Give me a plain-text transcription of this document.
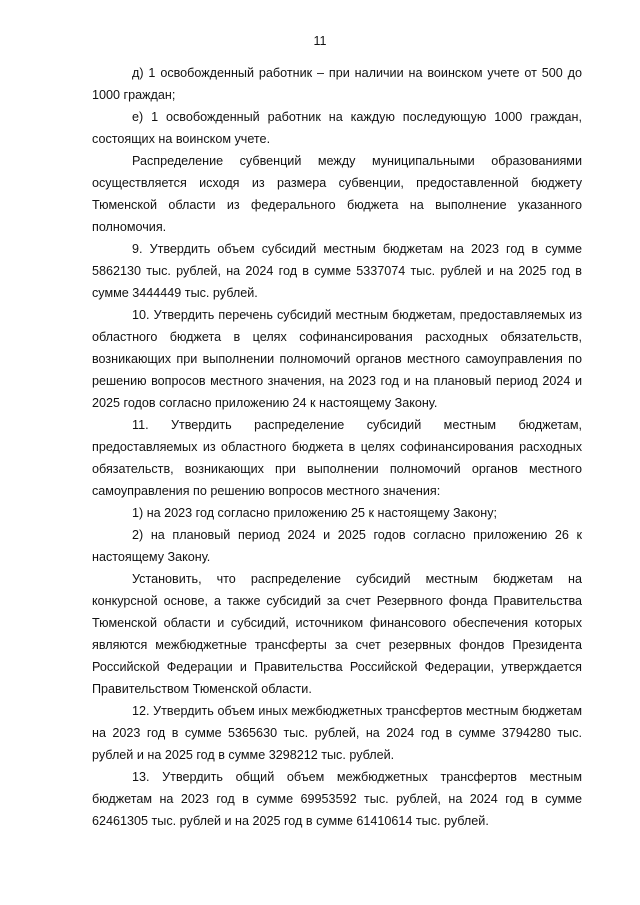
11

д) 1 освобожденный работник – при наличии на воинском учете от 500 до 1000 граждан;

е) 1 освобожденный работник на каждую последующую 1000 граждан, состоящих на воинском учете.

Распределение субвенций между муниципальными образованиями осуществляется исходя из размера субвенции, предоставленной бюджету Тюменской области из федерального бюджета на выполнение указанного полномочия.

9. Утвердить объем субсидий местным бюджетам на 2023 год в сумме 5862130 тыс. рублей, на 2024 год в сумме 5337074 тыс. рублей и на 2025 год в сумме 3444449 тыс. рублей.

10. Утвердить перечень субсидий местным бюджетам, предоставляемых из областного бюджета в целях софинансирования расходных обязательств, возникающих при выполнении полномочий органов местного самоуправления по решению вопросов местного значения, на 2023 год и на плановый период 2024 и 2025 годов согласно приложению 24 к настоящему Закону.

11. Утвердить распределение субсидий местным бюджетам, предоставляемых из областного бюджета в целях софинансирования расходных обязательств, возникающих при выполнении полномочий органов местного самоуправления по решению вопросов местного значения:

1) на 2023 год согласно приложению 25 к настоящему Закону;

2) на плановый период 2024 и 2025 годов согласно приложению 26 к настоящему Закону.

Установить, что распределение субсидий местным бюджетам на конкурсной основе, а также субсидий за счет Резервного фонда Правительства Тюменской области и субсидий, источником финансового обеспечения которых являются межбюджетные трансферты за счет резервных фондов Президента Российской Федерации и Правительства Российской Федерации, утверждается Правительством Тюменской области.

12. Утвердить объем иных межбюджетных трансфертов местным бюджетам на 2023 год в сумме 5365630 тыс. рублей, на 2024 год в сумме 3794280 тыс. рублей и на 2025 год в сумме 3298212 тыс. рублей.

13. Утвердить общий объем межбюджетных трансфертов местным бюджетам на 2023 год в сумме 69953592 тыс. рублей, на 2024 год в сумме 62461305 тыс. рублей и на 2025 год в сумме 61410614 тыс. рублей.
